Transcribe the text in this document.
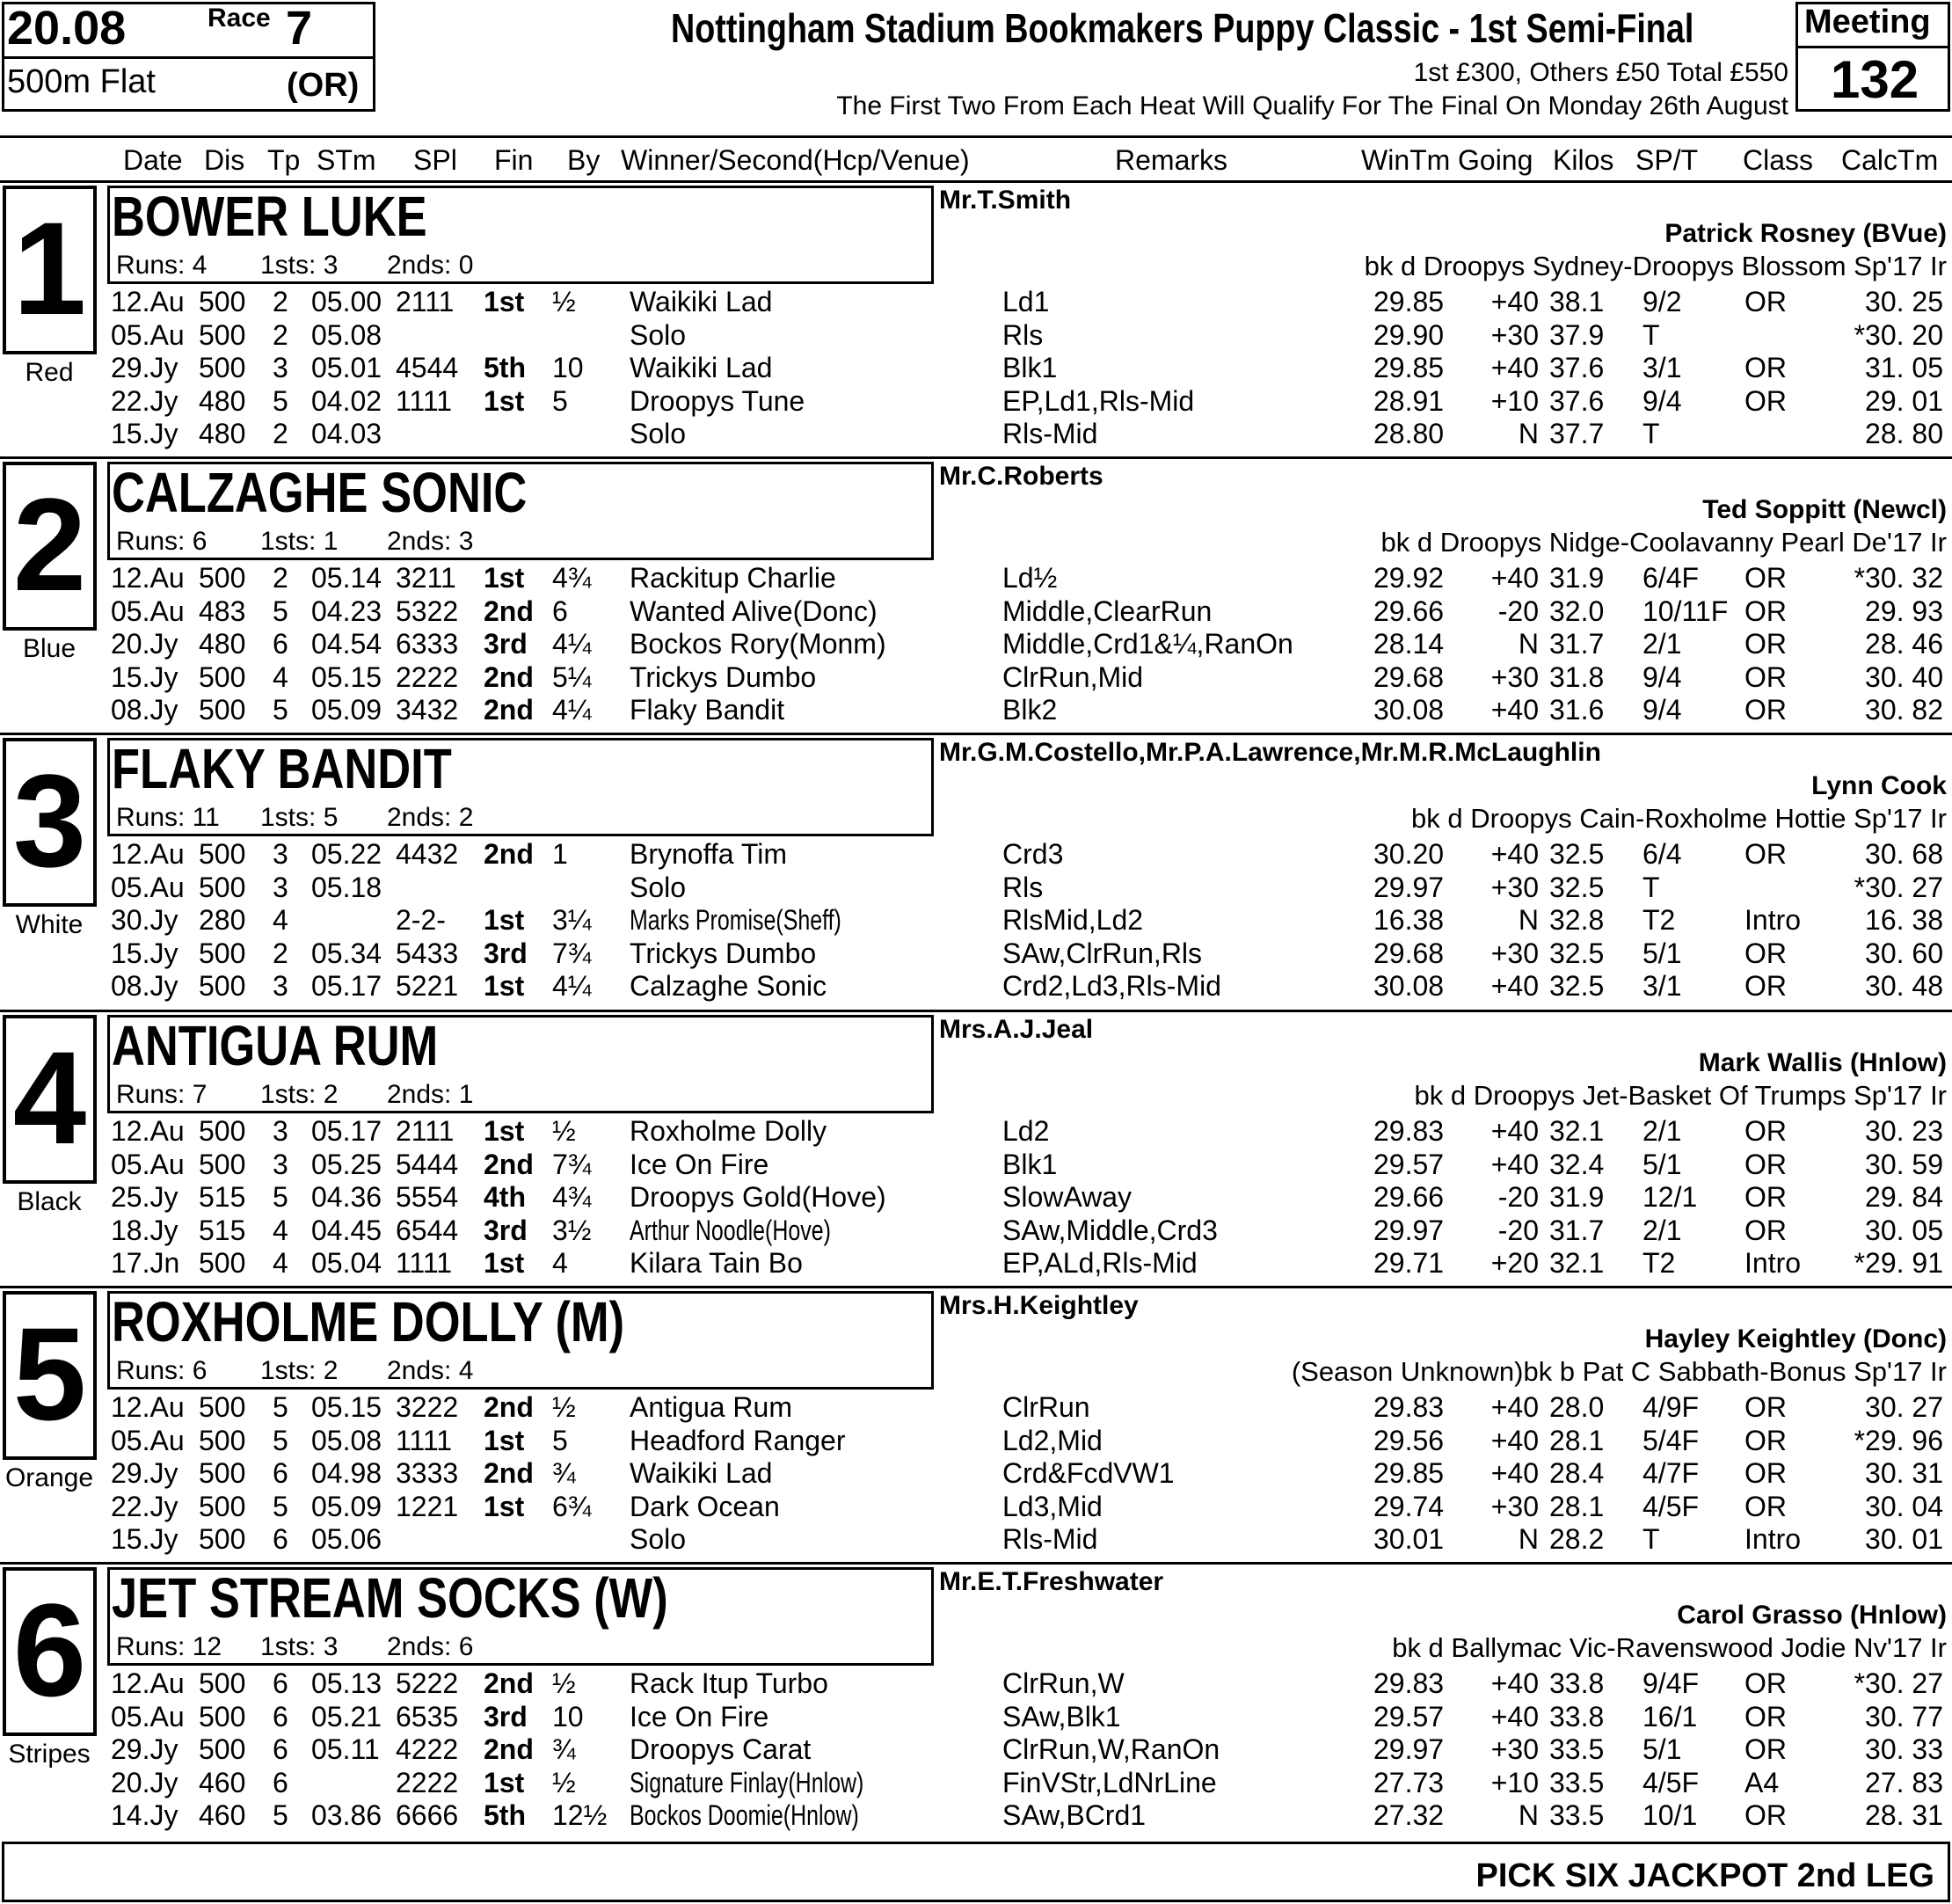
20.08	Race 7
500m Flat	(OR)
Nottingham Stadium Bookmakers Puppy Classic - 1st Semi-Final
1st £300, Others £50 Total £550
The First Two From Each Heat Will Qualify For The Final On Monday 26th August
Meeting
132
Date Dis Tp STm SPl Fin By Winner/Second(Hcp/Venue)	Remarks	WinTm Going Kilos SP/T Class CalcTm
1
Red
BOWER LUKE
Runs: 4 1sts: 3 2nds: 0
Mr.T.Smith
Patrick Rosney (BVue)
bk d Droopys Sydney-Droopys Blossom Sp'17 Ir
12.Au 500 2 05.00 2111 1st ½ Waikiki Lad	Ld1	29.85	+40 38.1 9/2 OR	30. 25
05.Au 500 2 05.08	Solo	Rls	29.90	+30 37.9 T	*30. 20
29.Jy 500 3 05.01 4544 5th 10 Waikiki Lad	Blk1	29.85	+40 37.6 3/1 OR	31. 05
22.Jy 480 5 04.02 1111 1st 5 Droopys Tune	EP,Ld1,Rls-Mid	28.91	+10 37.6 9/4 OR	29. 01
15.Jy 480 2 04.03	Solo	Rls-Mid	28.80	N 37.7 T	28. 80
2
Blue
CALZAGHE SONIC
Runs: 6 1sts: 1 2nds: 3
Mr.C.Roberts
Ted Soppitt (Newcl)
bk d Droopys Nidge-Coolavanny Pearl De'17 Ir
12.Au 500 2 05.14 3211 1st 4¾ Rackitup Charlie	Ld½	29.92	+40 31.9 6/4F OR *30. 32
05.Au 483 5 04.23 5322 2nd 6 Wanted Alive(Donc)	Middle,ClearRun	29.66	-20 32.0 10/11F OR	29. 93
20.Jy 480 6 04.54 6333 3rd 4¼ Bockos Rory(Monm)	Middle,Crd1&¼,RanOn	28.14	N 31.7 2/1 OR	28. 46
15.Jy 500 4 05.15 2222 2nd 5¼ Trickys Dumbo	ClrRun,Mid	29.68	+30 31.8 9/4 OR	30. 40
08.Jy 500 5 05.09 3432 2nd 4¼ Flaky Bandit	Blk2	30.08	+40 31.6 9/4 OR	30. 82
3
White
FLAKY BANDIT
Runs: 11 1sts: 5 2nds: 2
Mr.G.M.Costello,Mr.P.A.Lawrence,Mr.M.R.McLaughlin
Lynn Cook
bk d Droopys Cain-Roxholme Hottie Sp'17 Ir
12.Au 500 3 05.22 4432 2nd 1 Brynoffa Tim	Crd3	30.20	+40 32.5 6/4 OR	30. 68
05.Au 500 3 05.18	Solo	Rls	29.97	+30 32.5 T	*30. 27
30.Jy 280 4	2-2- 1st 3¼ Marks Promise(Sheff)	RlsMid,Ld2	16.38	N 32.8 T2 Intro	16. 38
15.Jy 500 2 05.34 5433 3rd 7¾ Trickys Dumbo	SAw,ClrRun,Rls	29.68	+30 32.5 5/1 OR	30. 60
08.Jy 500 3 05.17 5221 1st 4¼ Calzaghe Sonic	Crd2,Ld3,Rls-Mid	30.08	+40 32.5 3/1 OR	30. 48
4
Black
ANTIGUA RUM
Runs: 7 1sts: 2 2nds: 1
Mrs.A.J.Jeal
Mark Wallis (Hnlow)
bk d Droopys Jet-Basket Of Trumps Sp'17 Ir
12.Au 500 3 05.17 2111 1st ½ Roxholme Dolly	Ld2	29.83	+40 32.1 2/1 OR	30. 23
05.Au 500 3 05.25 5444 2nd 7¾ Ice On Fire	Blk1	29.57	+40 32.4 5/1 OR	30. 59
25.Jy 515 5 04.36 5554 4th 4¾ Droopys Gold(Hove)	SlowAway	29.66	-20 31.9 12/1 OR	29. 84
18.Jy 515 4 04.45 6544 3rd 3½ Arthur Noodle(Hove)	SAw,Middle,Crd3	29.97	-20 31.7 2/1 OR	30. 05
17.Jn 500 4 05.04 1111 1st 4 Kilara Tain Bo	EP,ALd,Rls-Mid	29.71	+20 32.1 T2 Intro *29. 91
5
Orange
ROXHOLME DOLLY (M)
Runs: 6 1sts: 2 2nds: 4
Mrs.H.Keightley
Hayley Keightley (Donc)
(Season Unknown)bk b Pat C Sabbath-Bonus Sp'17 Ir
12.Au 500 5 05.15 3222 2nd ½ Antigua Rum	ClrRun	29.83	+40 28.0 4/9F OR	30. 27
05.Au 500 5 05.08 1111 1st 5 Headford Ranger	Ld2,Mid	29.56	+40 28.1 5/4F OR *29. 96
29.Jy 500 6 04.98 3333 2nd ¾ Waikiki Lad	Crd&FcdVW1	29.85	+40 28.4 4/7F OR	30. 31
22.Jy 500 5 05.09 1221 1st 6¾ Dark Ocean	Ld3,Mid	29.74	+30 28.1 4/5F OR	30. 04
15.Jy 500 6 05.06	Solo	Rls-Mid	30.01	N 28.2 T	Intro	30. 01
6
Stripes
JET STREAM SOCKS (W)
Runs: 12 1sts: 3 2nds: 6
Mr.E.T.Freshwater
Carol Grasso (Hnlow)
bk d Ballymac Vic-Ravenswood Jodie Nv'17 Ir
12.Au 500 6 05.13 5222 2nd ½ Rack Itup Turbo	ClrRun,W	29.83	+40 33.8 9/4F OR *30. 27
05.Au 500 6 05.21 6535 3rd 10 Ice On Fire	SAw,Blk1	29.57	+40 33.8 16/1 OR	30. 77
29.Jy 500 6 05.11 4222 2nd ¾ Droopys Carat	ClrRun,W,RanOn	29.97	+30 33.5 5/1 OR	30. 33
20.Jy 460 6	2222 1st ½ Signature Finlay(Hnlow)	FinVStr,LdNrLine	27.73	+10 33.5 4/5F A4	27. 83
14.Jy 460 5 03.86 6666 5th 12½ Bockos Doomie(Hnlow)	SAw,BCrd1	27.32	N 33.5 10/1 OR	28. 31
PICK SIX JACKPOT 2nd LEG
